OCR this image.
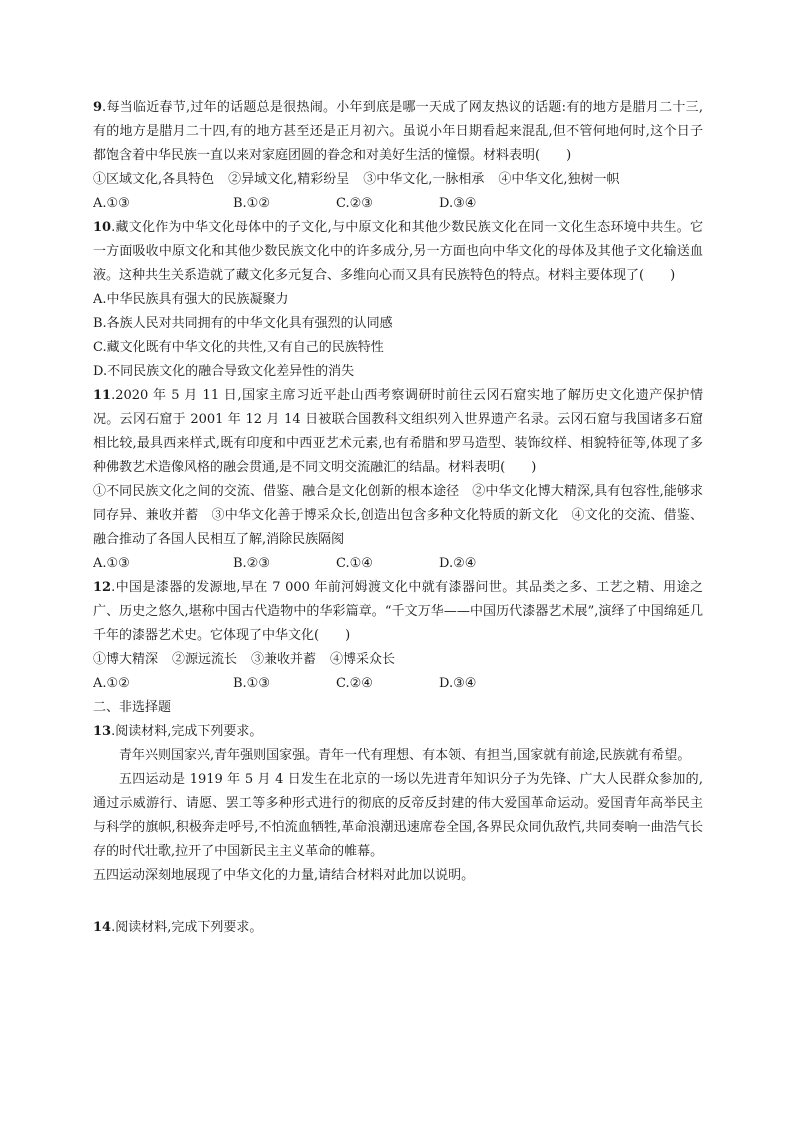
9.每当临近春节,过年的话题总是很热闹。小年到底是哪一天成了网友热议的话题:有的地方是腊月二十三,有的地方是腊月二十四,有的地方甚至还是正月初六。虽说小年日期看起来混乱,但不管何地何时,这个日子都饱含着中华民族一直以来对家庭团圆的眷念和对美好生活的憧憬。材料表明(　　)

①区域文化,各具特色 ②异域文化,精彩纷呈 ③中华文化,一脉相承 ④中华文化,独树一帜

A.①③	B.①②	C.②③	D.③④

10.藏文化作为中华文化母体中的子文化,与中原文化和其他少数民族文化在同一文化生态环境中共生。它一方面吸收中原文化和其他少数民族文化中的许多成分,另一方面也向中华文化的母体及其他子文化输送血液。这种共生关系造就了藏文化多元复合、多维向心而又具有民族特色的特点。材料主要体现了(　　)

A.中华民族具有强大的民族凝聚力

B.各族人民对共同拥有的中华文化具有强烈的认同感

C.藏文化既有中华文化的共性,又有自己的民族特性

D.不同民族文化的融合导致文化差异性的消失

11.2020 年 5 月 11 日,国家主席习近平赴山西考察调研时前往云冈石窟实地了解历史文化遗产保护情况。云冈石窟于 2001 年 12 月 14 日被联合国教科文组织列入世界遗产名录。云冈石窟与我国诸多石窟相比较,最具西来样式,既有印度和中西亚艺术元素,也有希腊和罗马造型、装饰纹样、相貌特征等,体现了多种佛教艺术造像风格的融会贯通,是不同文明交流融汇的结晶。材料表明(　　)

①不同民族文化之间的交流、借鉴、融合是文化创新的根本途径　②中华文化博大精深,具有包容性,能够求同存异、兼收并蓄　③中华文化善于博采众长,创造出包含多种文化特质的新文化　④文化的交流、借鉴、融合推动了各国人民相互了解,消除民族隔阂

A.①③	B.②③	C.①④	D.②④

12.中国是漆器的发源地,早在 7 000 年前河姆渡文化中就有漆器问世。其品类之多、工艺之精、用途之广、历史之悠久,堪称中国古代造物中的华彩篇章。“千文万华——中国历代漆器艺术展”,演绎了中国绵延几千年的漆器艺术史。它体现了中华文化(　　)

①博大精深 ②源远流长 ③兼收并蓄 ④博采众长

A.①②	B.①③	C.②④	D.③④

二、非选择题

13.阅读材料,完成下列要求。

青年兴则国家兴,青年强则国家强。青年一代有理想、有本领、有担当,国家就有前途,民族就有希望。

五四运动是 1919 年 5 月 4 日发生在北京的一场以先进青年知识分子为先锋、广大人民群众参加的,通过示威游行、请愿、罢工等多种形式进行的彻底的反帝反封建的伟大爱国革命运动。爱国青年高举民主与科学的旗帜,积极奔走呼号,不怕流血牺牲,革命浪潮迅速席卷全国,各界民众同仇敌忾,共同奏响一曲浩气长存的时代壮歌,拉开了中国新民主主义革命的帷幕。

五四运动深刻地展现了中华文化的力量,请结合材料对此加以说明。

14.阅读材料,完成下列要求。
